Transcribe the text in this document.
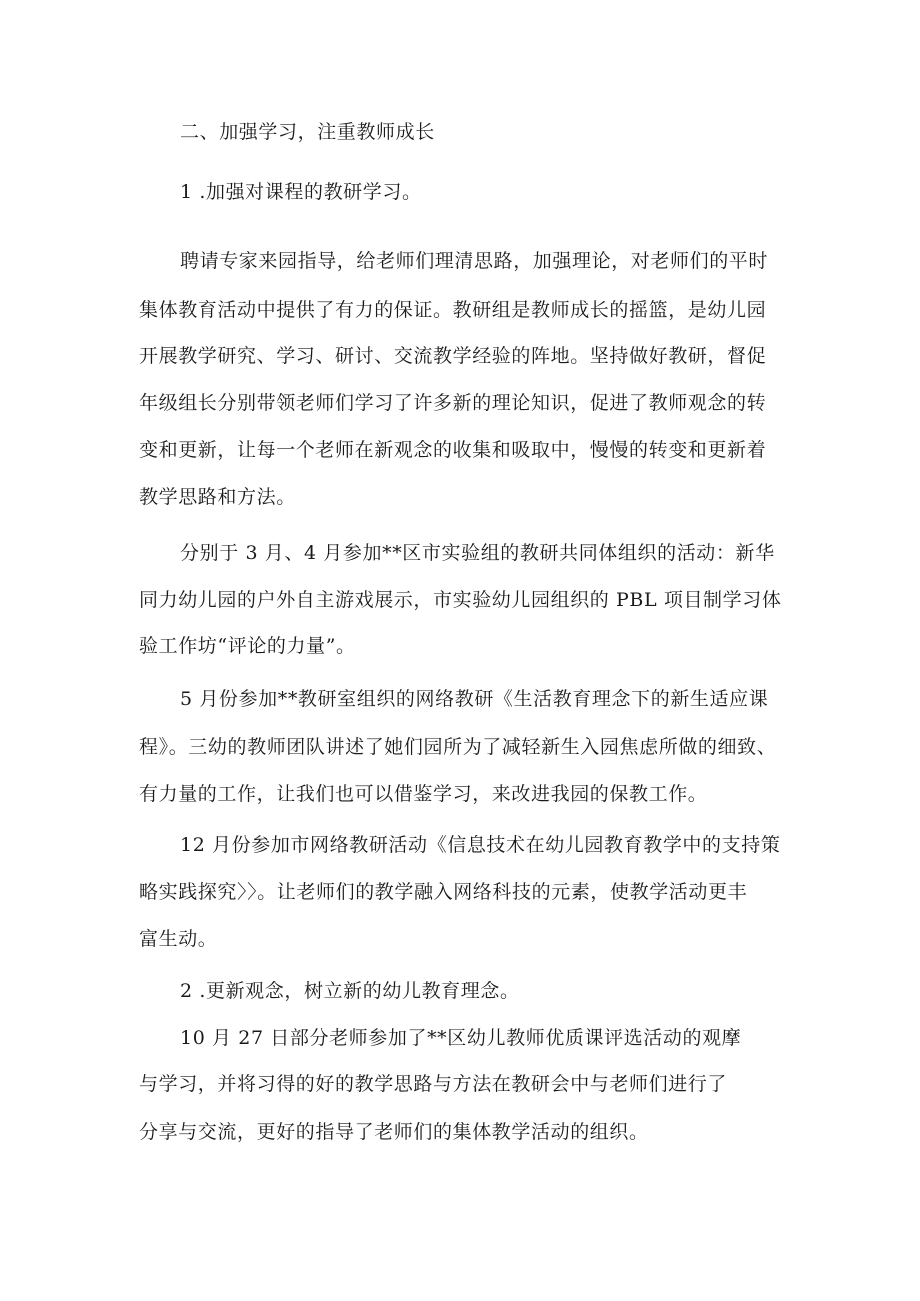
二、加强学习，注重教师成长
1 .加强对课程的教研学习。
聘请专家来园指导，给老师们理清思路，加强理论，对老师们的平时
集体教育活动中提供了有力的保证。教研组是教师成长的摇篮，是幼儿园
开展教学研究、学习、研讨、交流教学经验的阵地。坚持做好教研，督促
年级组长分别带领老师们学习了许多新的理论知识，促进了教师观念的转
变和更新，让每一个老师在新观念的收集和吸取中，慢慢的转变和更新着
教学思路和方法。
分别于 3 月、4 月参加**区市实验组的教研共同体组织的活动：新华
同力幼儿园的户外自主游戏展示，市实验幼儿园组织的 PBL 项目制学习体
验工作坊“评论的力量”。
5 月份参加**教研室组织的网络教研《生活教育理念下的新生适应课
程》。三幼的教师团队讲述了她们园所为了减轻新生入园焦虑所做的细致、
有力量的工作，让我们也可以借鉴学习，来改进我园的保教工作。
12 月份参加市网络教研活动《信息技术在幼儿园教育教学中的支持策
略实践探究〉〉。让老师们的教学融入网络科技的元素，使教学活动更丰
富生动。
2 .更新观念，树立新的幼儿教育理念。
10 月 27 日部分老师参加了**区幼儿教师优质课评选活动的观摩
与学习，并将习得的好的教学思路与方法在教研会中与老师们进行了
分享与交流，更好的指导了老师们的集体教学活动的组织。
